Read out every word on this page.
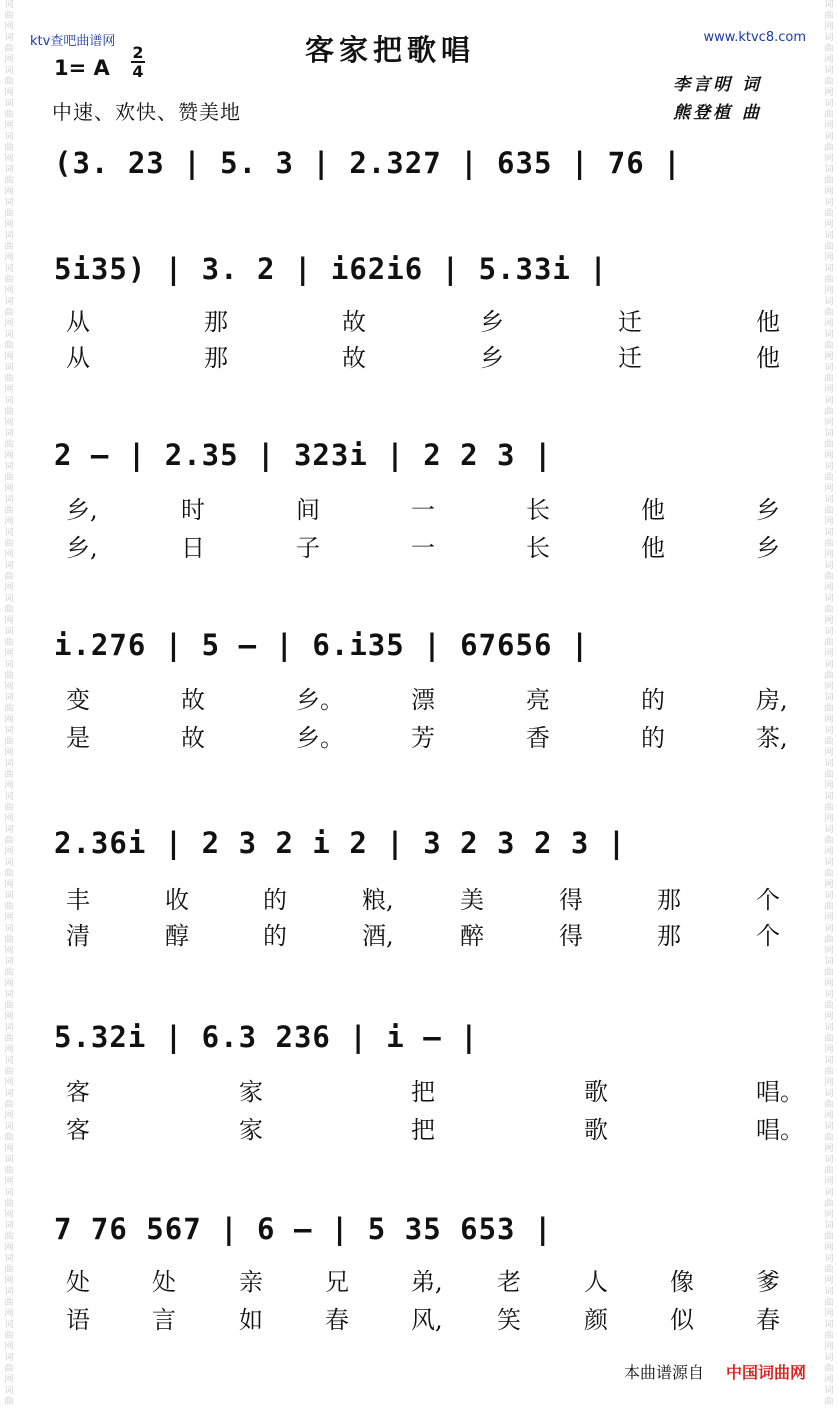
词
曲
网
词
曲
网
词
曲
网
词
曲
网
词
曲
网
词
曲
网
词
曲
网
词
曲
网
词
曲
网
词
曲
网
词
曲
网
词
曲
网
词
曲
网
词
曲
网
词
曲
网
词
曲
网
词
曲
网
词
曲
网
词
曲
网
词
曲
网
词
曲
网
词
曲
网
词
曲
网
词
曲
网
词
曲
网
词
曲
网
词
曲
网
词
曲
网
词
曲
网
词
曲
网
词
曲
网
词
曲
网
词
曲
网
词
曲
网
词
曲
网
词
曲
网
词
曲
网
词
曲
网
词
曲
网
词
曲
网
词
曲
网
词
曲
网
词
曲
词
曲
网
词
曲
网
词
曲
网
词
曲
网
词
曲
网
词
曲
网
词
曲
网
词
曲
网
词
曲
网
词
曲
网
词
曲
网
词
曲
网
词
曲
网
词
曲
网
词
曲
网
词
曲
网
词
曲
网
词
曲
网
词
曲
网
词
曲
网
词
曲
网
词
曲
网
词
曲
网
词
曲
网
词
曲
网
词
曲
网
词
曲
网
词
曲
网
词
曲
网
词
曲
网
词
曲
网
词
曲
网
词
曲
网
词
曲
网
词
曲
网
词
曲
网
词
曲
网
词
曲
网
词
曲
网
词
曲
网
词
曲
网
词
曲
网
词
曲
ktv查吧曲谱网	www.ktvc8.com
客家把歌唱
1= A
2
4
中速、欢快、赞美地
李言明 词
熊登植 曲
(3. 23 | 5. 3 | 2.327 | 635 | 76 |
5i35) | 3. 2 | i62i6 | 5.33i |
从	那	故	乡	迁	他
从	那	故	乡	迁	他
2 — | 2.35 | 323i | 2 2 3 |
乡,	时	间	一	长	他	乡
乡,	日	子	一	长	他	乡
i.276 | 5 — | 6.i35 | 67656 |
变	故	乡。	漂	亮	的	房,
是	故	乡。	芳	香	的	茶,
2.36i | 2 3 2 i 2 | 3 2 3 2 3 |
丰	收	的	粮,	美	得	那	个
清	醇	的	酒,	醉	得	那	个
5.32i | 6.3 236 | i — |
客	家	把	歌	唱。
客	家	把	歌	唱。
7 76 567 | 6 — | 5 35 653 |
处	处	亲	兄	弟, 老	人	像	爹
语	言	如	春	风, 笑	颜	似	春
本曲谱源自 中国词曲网
